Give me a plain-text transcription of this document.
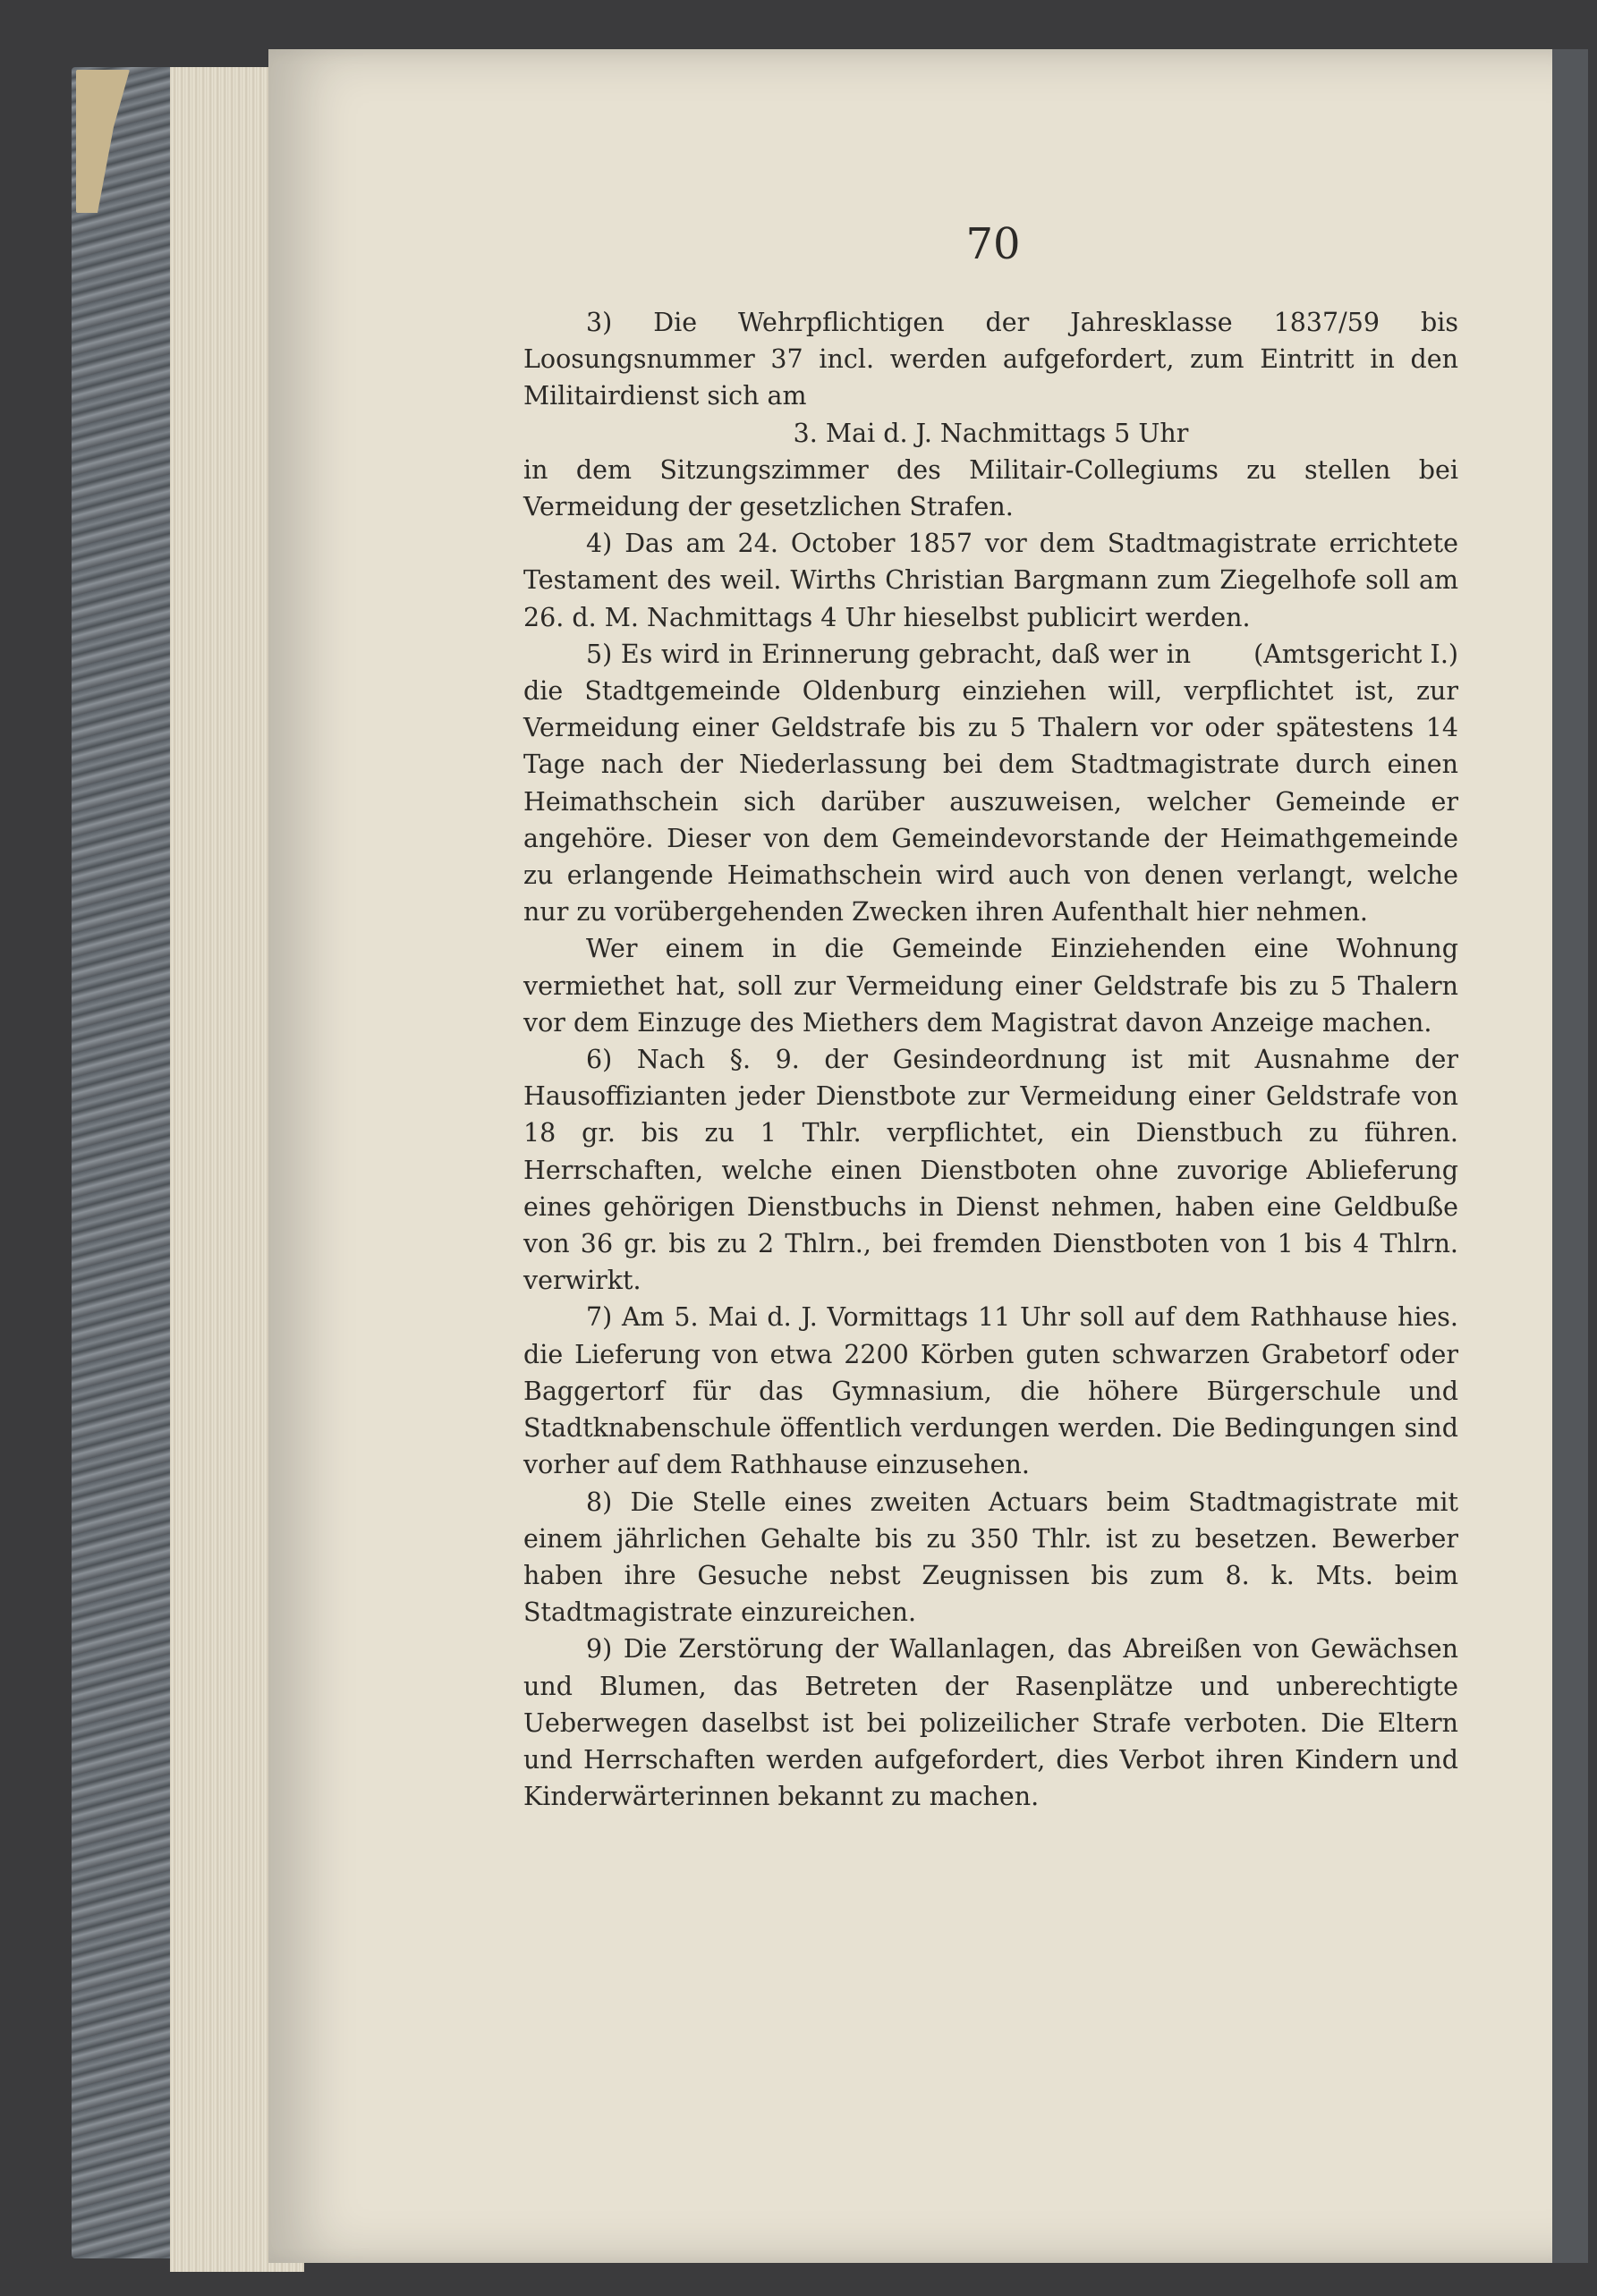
70

3) Die Wehrpflichtigen der Jahresklasse 1837/59 bis Loosungsnummer 37 incl. werden aufgefordert, zum Eintritt in den Militairdienst sich am

3. Mai d. J. Nachmittags 5 Uhr

in dem Sitzungszimmer des Militair-Collegiums zu stellen bei Vermeidung der gesetzlichen Strafen.

4) Das am 24. October 1857 vor dem Stadtmagistrate errichtete Testament des weil. Wirths Christian Bargmann zum Ziegelhofe soll am 26. d. M. Nachmittags 4 Uhr hieselbst publicirt werden.
(Amtsgericht I.)

5) Es wird in Erinnerung gebracht, daß wer in die Stadtgemeinde Oldenburg einziehen will, verpflichtet ist, zur Vermeidung einer Geldstrafe bis zu 5 Thalern vor oder spätestens 14 Tage nach der Niederlassung bei dem Stadtmagistrate durch einen Heimathschein sich darüber auszuweisen, welcher Gemeinde er angehöre. Dieser von dem Gemeindevorstande der Heimathgemeinde zu erlangende Heimathschein wird auch von denen verlangt, welche nur zu vorübergehenden Zwecken ihren Aufenthalt hier nehmen.

Wer einem in die Gemeinde Einziehenden eine Wohnung vermiethet hat, soll zur Vermeidung einer Geldstrafe bis zu 5 Thalern vor dem Einzuge des Miethers dem Magistrat davon Anzeige machen.

6) Nach §. 9. der Gesindeordnung ist mit Ausnahme der Hausoffizianten jeder Dienstbote zur Vermeidung einer Geldstrafe von 18 gr. bis zu 1 Thlr. verpflichtet, ein Dienstbuch zu führen. Herrschaften, welche einen Dienstboten ohne zuvorige Ablieferung eines gehörigen Dienstbuchs in Dienst nehmen, haben eine Geldbuße von 36 gr. bis zu 2 Thlrn., bei fremden Dienstboten von 1 bis 4 Thlrn. verwirkt.

7) Am 5. Mai d. J. Vormittags 11 Uhr soll auf dem Rathhause hies. die Lieferung von etwa 2200 Körben guten schwarzen Grabetorf oder Baggertorf für das Gymnasium, die höhere Bürgerschule und Stadtknabenschule öffentlich verdungen werden. Die Bedingungen sind vorher auf dem Rathhause einzusehen.

8) Die Stelle eines zweiten Actuars beim Stadtmagistrate mit einem jährlichen Gehalte bis zu 350 Thlr. ist zu besetzen. Bewerber haben ihre Gesuche nebst Zeugnissen bis zum 8. k. Mts. beim Stadtmagistrate einzureichen.

9) Die Zerstörung der Wallanlagen, das Abreißen von Gewächsen und Blumen, das Betreten der Rasenplätze und unberechtigte Ueberwegen daselbst ist bei polizeilicher Strafe verboten. Die Eltern und Herrschaften werden aufgefordert, dies Verbot ihren Kindern und Kinderwärterinnen bekannt zu machen.
